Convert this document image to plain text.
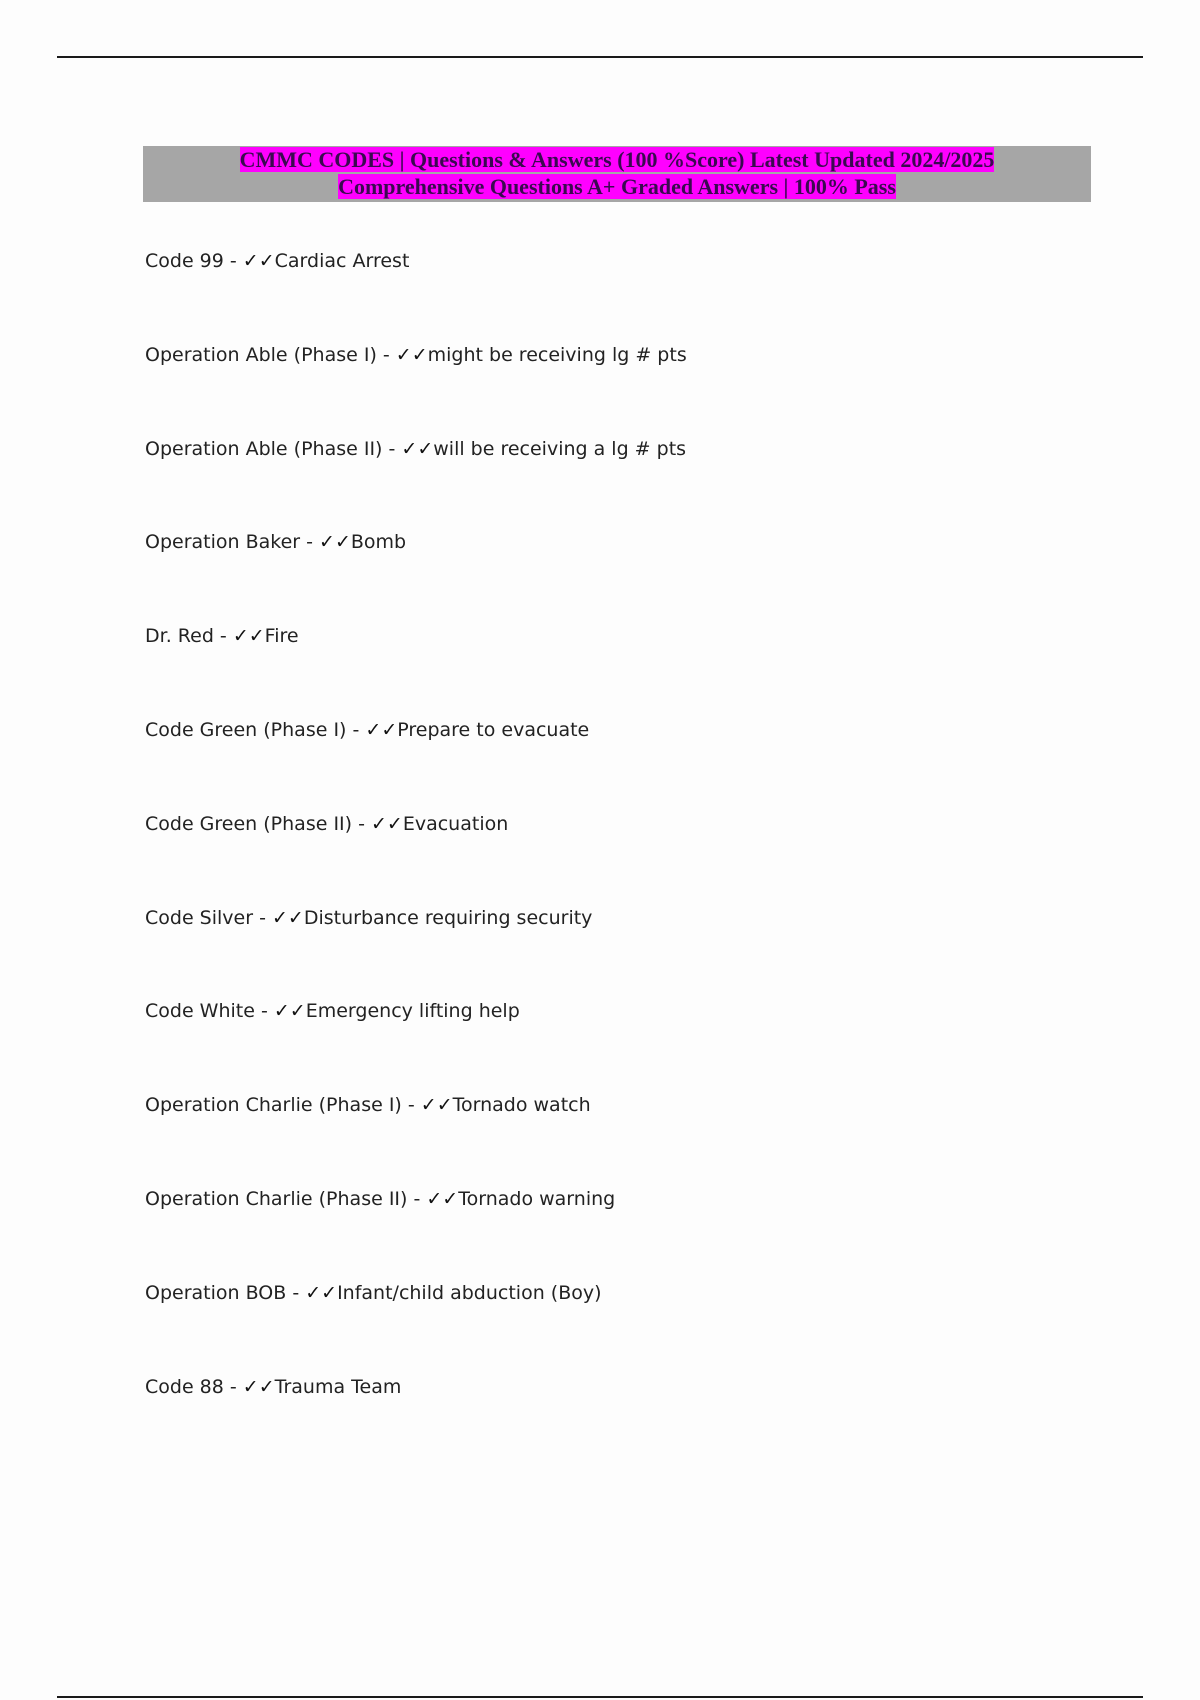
CMMC CODES | Questions & Answers (100 %Score) Latest Updated 2024/2025
Comprehensive Questions A+ Graded Answers | 100% Pass
Code 99 - ✓✓Cardiac Arrest
Operation Able (Phase I) - ✓✓might be receiving lg # pts
Operation Able (Phase II) - ✓✓will be receiving a lg # pts
Operation Baker - ✓✓Bomb
Dr. Red - ✓✓Fire
Code Green (Phase I) - ✓✓Prepare to evacuate
Code Green (Phase II) - ✓✓Evacuation
Code Silver - ✓✓Disturbance requiring security
Code White - ✓✓Emergency lifting help
Operation Charlie (Phase I) - ✓✓Tornado watch
Operation Charlie (Phase II) - ✓✓Tornado warning
Operation BOB - ✓✓Infant/child abduction (Boy)
Code 88 - ✓✓Trauma Team
